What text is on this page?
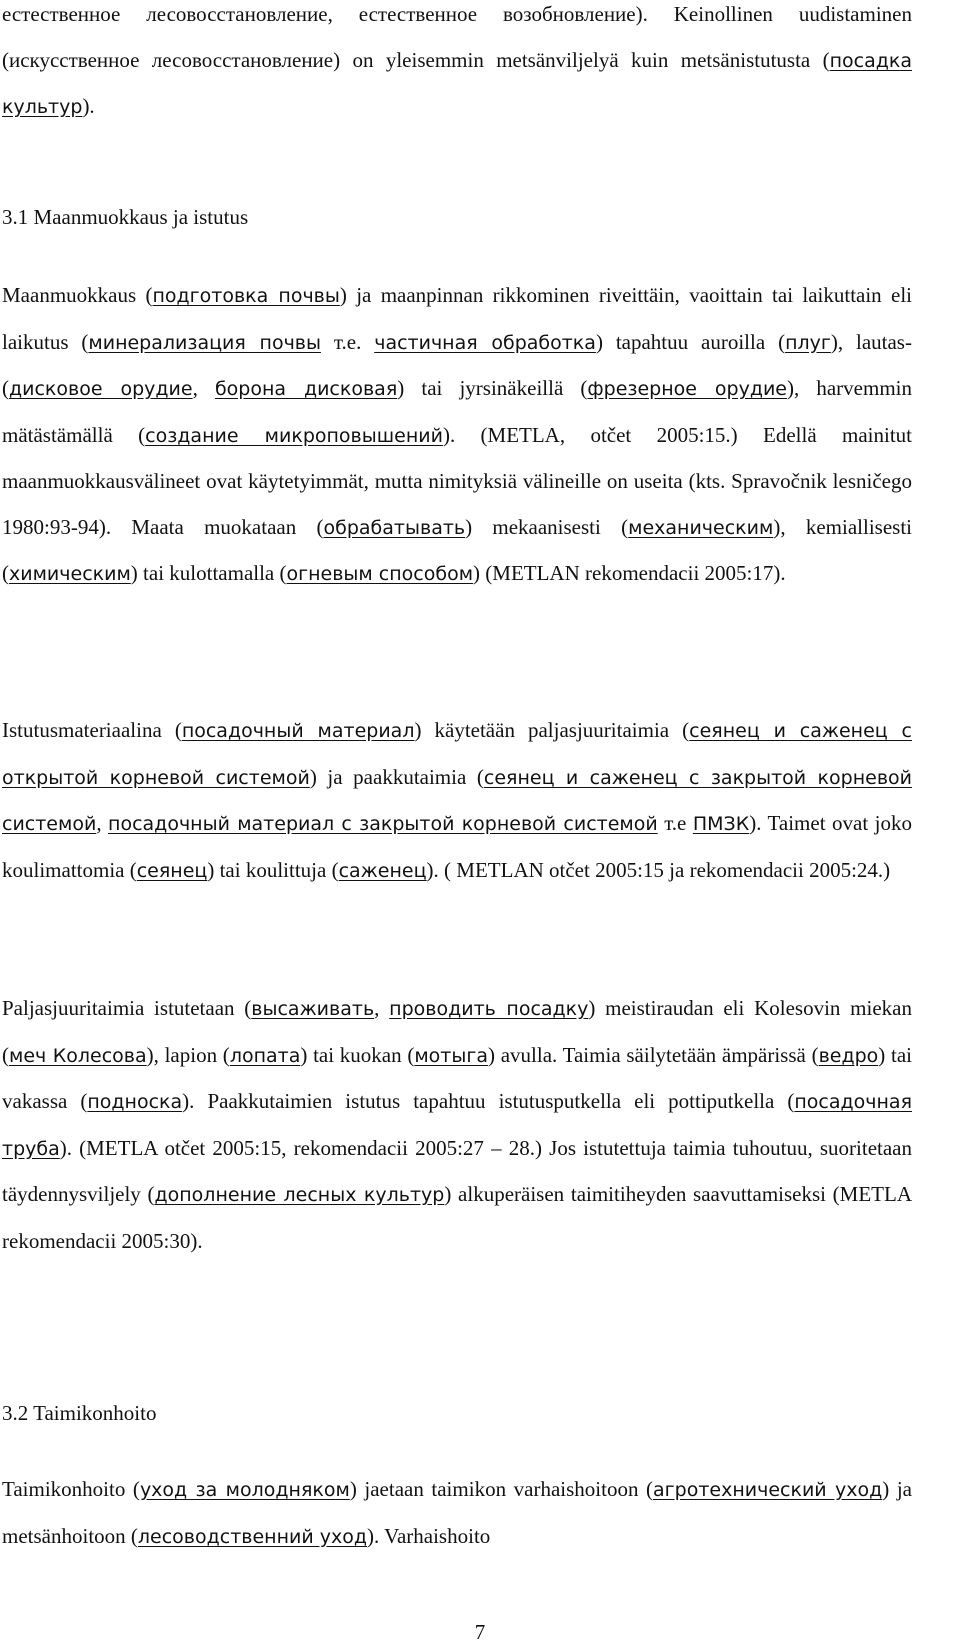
естественное лесовосстановление, естественное возобновление). Keinollinen uudistaminen (искусственное лесовосстановление) on yleisemmin metsänviljelyä kuin metsänistutusta (посадка культур).

3.1 Maanmuokkaus ja istutus

Maanmuokkaus (подготовка почвы) ja maanpinnan rikkominen riveittäin, vaoittain tai laikuttain eli laikutus (минерализация почвы т.е. частичная обработка) tapahtuu auroilla (плуг), lautas- (дисковое орудие, борона дисковая) tai jyrsinäkeillä (фрезерное орудие), harvemmin mätästämällä (создание микроповышений). (METLA, otčet 2005:15.) Edellä mainitut maanmuokkausvälineet ovat käytetyimmät, mutta nimityksiä välineille on useita (kts. Spravočnik lesničego 1980:93-94). Maata muokataan (обрабатывать) mekaanisesti (механическим), kemiallisesti (химическим) tai kulottamalla (огневым способом) (METLAN rekomendacii 2005:17).

Istutusmateriaalina (посадочный материал) käytetään paljasjuuritaimia (сеянец и саженец с открытой корневой системой) ja paakkutaimia (сеянец и саженец с закрытой корневой системой, посадочный материал с закрытой корневой системой т.е ПМЗК). Taimet ovat joko koulimattomia (сеянец) tai koulittuja (саженец). ( METLAN otčet 2005:15 ja rekomendacii 2005:24.)

Paljasjuuritaimia istutetaan (высаживать, проводить посадку) meistiraudan eli Kolesovin miekan (меч Колесова), lapion (лопата) tai kuokan (мотыга) avulla. Taimia säilytetään ämpärissä (ведро) tai vakassa (подноска). Paakkutaimien istutus tapahtuu istutusputkella eli pottiputkella (посадочная труба). (METLA otčet 2005:15, rekomendacii 2005:27 – 28.) Jos istutettuja taimia tuhoutuu, suoritetaan täydennysviljely (дополнение лесных культур) alkuperäisen taimitiheyden saavuttamiseksi (METLA rekomendacii 2005:30).

3.2 Taimikonhoito

Taimikonhoito (уход за молодняком) jaetaan taimikon varhaishoitoon (агротехнический уход) ja metsänhoitoon (лесоводственний уход). Varhaishoito

7
